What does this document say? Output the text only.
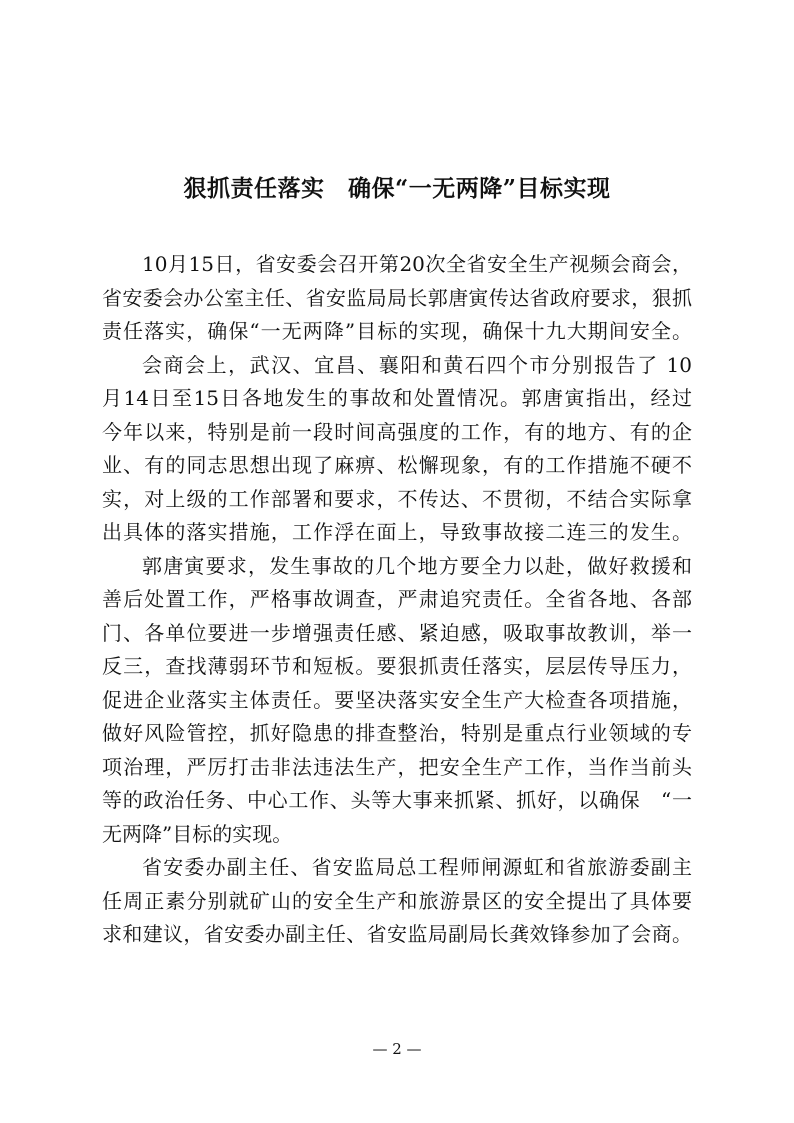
狠抓责任落实　确保“一无两降”目标实现

10月15日，省安委会召开第20次全省安全生产视频会商会，
省安委会办公室主任、省安监局局长郭唐寅传达省政府要求，狠抓
责任落实，确保“一无两降”目标的实现，确保十九大期间安全。

会商会上，武汉、宜昌、襄阳和黄石四个市分别报告了 10
月14日至15日各地发生的事故和处置情况。郭唐寅指出，经过
今年以来，特别是前一段时间高强度的工作，有的地方、有的企
业、有的同志思想出现了麻痹、松懈现象，有的工作措施不硬不
实，对上级的工作部署和要求，不传达、不贯彻，不结合实际拿
出具体的落实措施，工作浮在面上，导致事故接二连三的发生。

郭唐寅要求，发生事故的几个地方要全力以赴，做好救援和
善后处置工作，严格事故调查，严肃追究责任。全省各地、各部
门、各单位要进一步增强责任感、紧迫感，吸取事故教训，举一
反三，查找薄弱环节和短板。要狠抓责任落实，层层传导压力，
促进企业落实主体责任。要坚决落实安全生产大检查各项措施，
做好风险管控，抓好隐患的排查整治，特别是重点行业领域的专
项治理，严厉打击非法违法生产，把安全生产工作，当作当前头
等的政治任务、中心工作、头等大事来抓紧、抓好，以确保　“一
无两降”目标的实现。

省安委办副主任、省安监局总工程师闸源虹和省旅游委副主
任周正素分别就矿山的安全生产和旅游景区的安全提出了具体要
求和建议，省安委办副主任、省安监局副局长龚效锋参加了会商。

— 2 —
